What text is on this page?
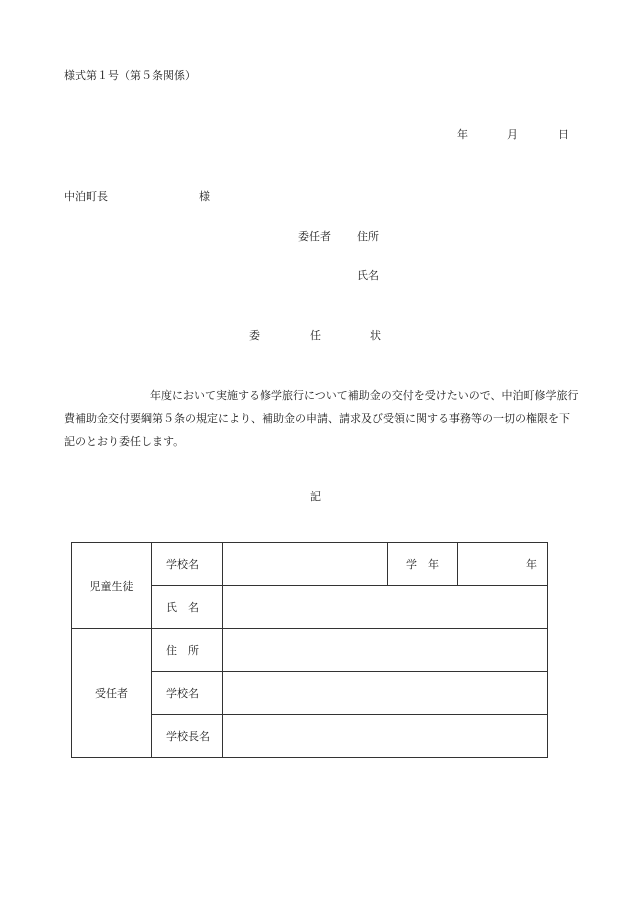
様式第１号（第５条関係）
年	月	日
中泊町長	様
委任者 住所
氏名
委	任	状
年度において実施する修学旅行について補助金の交付を受けたいので、中泊町修学旅行費補助金交付要綱第５条の規定により、補助金の申請、請求及び受領に関する事務等の一切の権限を下記のとおり委任します。
記
児童生徒	学校名		学　年	年
	氏　名			
受任者	住　所			
	学校名			
	学校長名			
